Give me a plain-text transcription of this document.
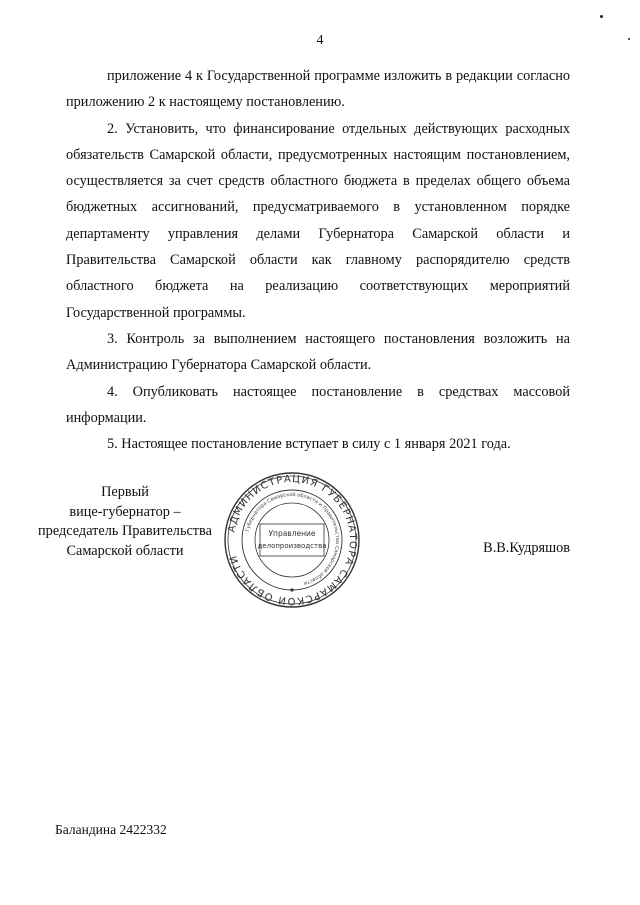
4

приложение 4 к Государственной программе изложить в редакции согласно приложению 2 к настоящему постановлению.

2. Установить, что финансирование отдельных действующих расходных обязательств Самарской области, предусмотренных настоящим постановлением, осуществляется за счет средств областного бюджета в пределах общего объема бюджетных ассигнований, предусматриваемого в установленном порядке департаменту управления делами Губернатора Самарской области и Правительства Самарской области как главному распорядителю средств областного бюджета на реализацию соответствующих мероприятий Государственной программы.

3. Контроль за выполнением настоящего постановления возложить на Администрацию Губернатора Самарской области.

4. Опубликовать настоящее постановление в средствах массовой информации.

5. Настоящее постановление вступает в силу с 1 января 2021 года.

Первый
вице-губернатор –
председатель Правительства
Самарской области
АДМИНИСТРАЦИЯ ГУБЕРНАТОРА САМАРСКОЙ ОБЛАСТИ
Губернатора Самарской области и Правительства Самарской области
Управление
делопроизводства	В.В.Кудряшов
Баландина 2422332
